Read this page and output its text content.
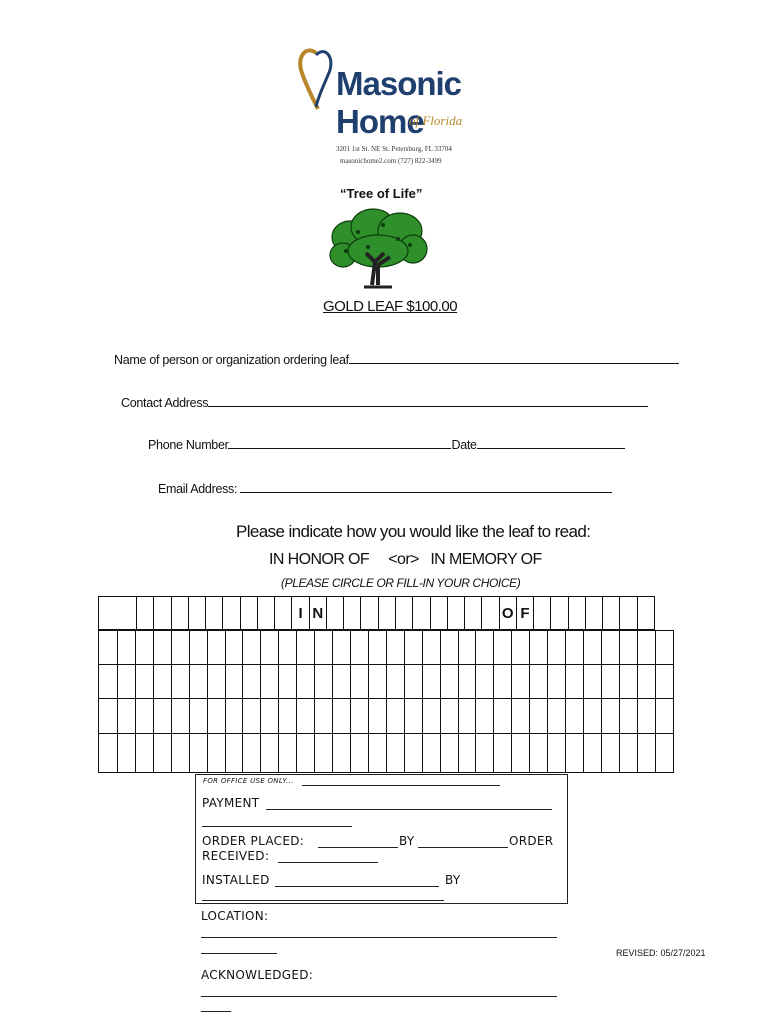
Masonic
Home
of Florida
3201 1st St. NE St. Petersburg, FL 33704
masonichome2.com (727) 822-3499
“Tree of Life”
GOLD LEAF $100.00
Name of person or organization ordering leaf
Contact Address
Phone Number	Date
Email Address:
Please indicate how you would like the leaf to read:
IN HONOR OF     <or>   IN MEMORY OF
(PLEASE CIRCLE OR FILL-IN YOUR CHOICE)
										I	N											O	F							

FOR OFFICE USE ONLY...
PAYMENT
ORDER PLACED:	BY	ORDER
RECEIVED:
INSTALLED	BY
LOCATION:
ACKNOWLEDGED:
REVISED: 05/27/2021
